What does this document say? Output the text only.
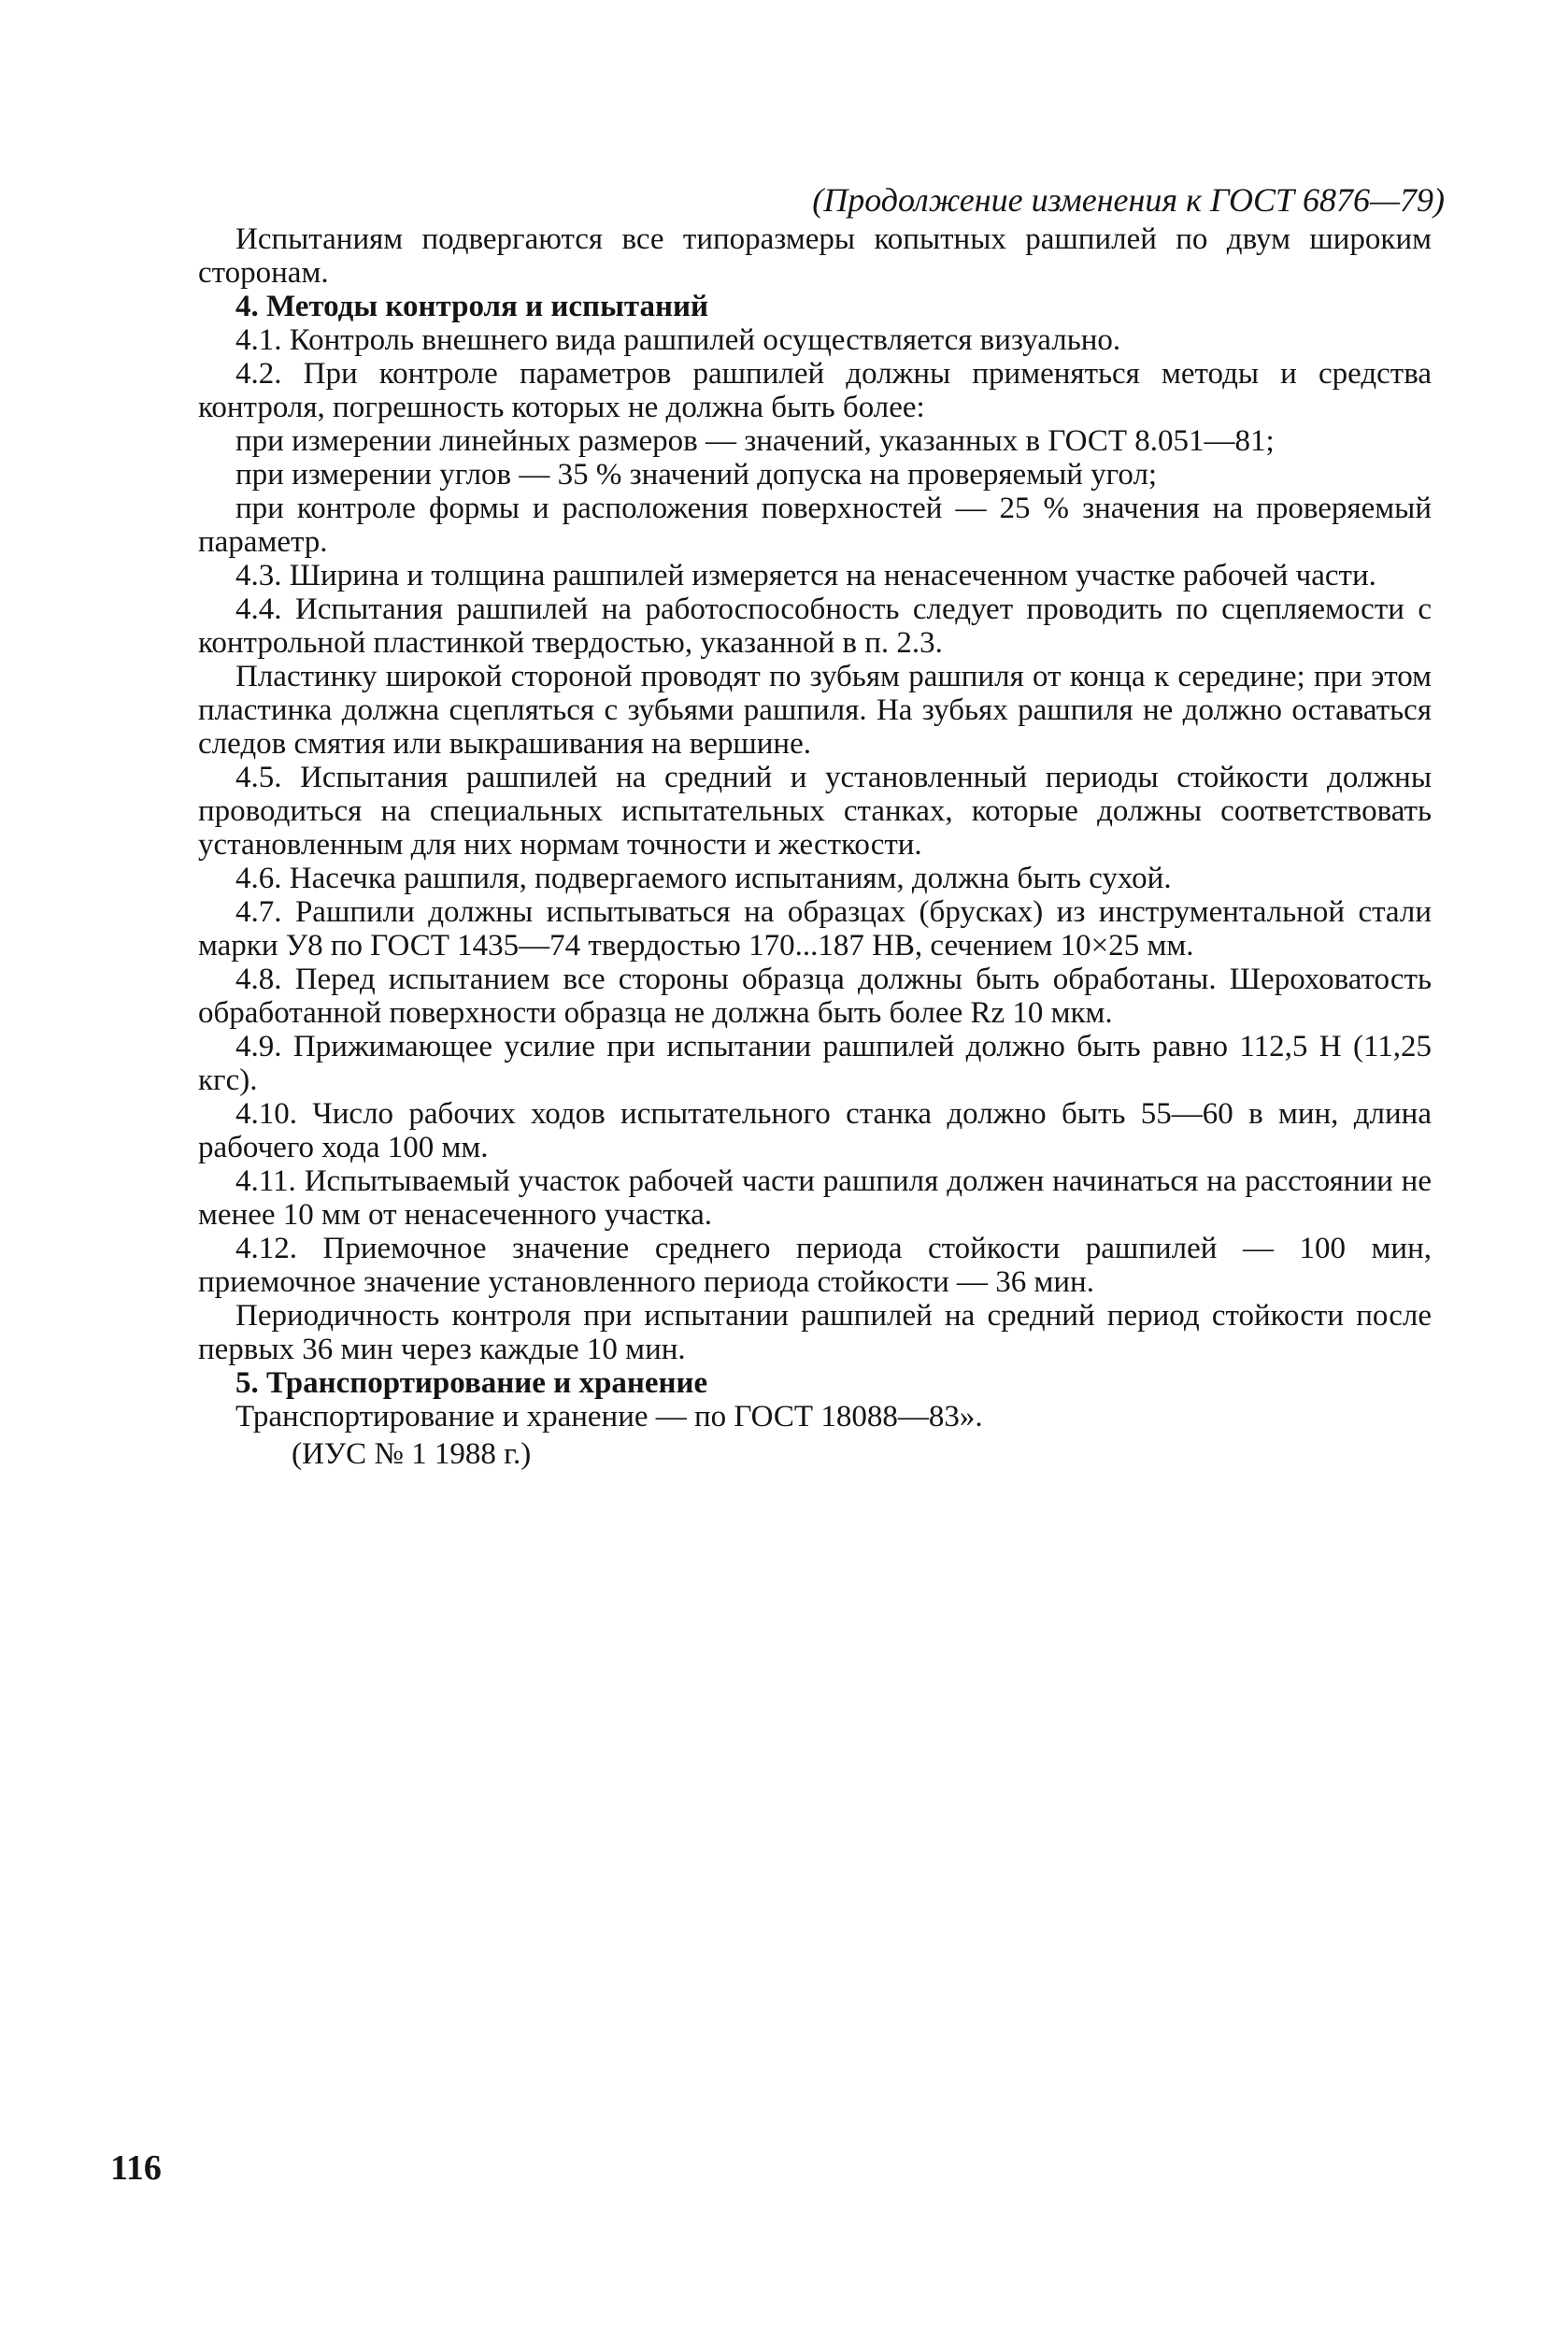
(Продолжение изменения к ГОСТ 6876—79)

Испытаниям подвергаются все типоразмеры копытных рашпилей по двум широким сторонам.

4. Методы контроля и испытаний

4.1. Контроль внешнего вида рашпилей осуществляется визуально.

4.2. При контроле параметров рашпилей должны применяться методы и средства контроля, погрешность которых не должна быть более:

при измерении линейных размеров — значений, указанных в ГОСТ 8.051—81;

при измерении углов — 35 % значений допуска на проверяемый угол;

при контроле формы и расположения поверхностей — 25 % значения на проверяемый параметр.

4.3. Ширина и толщина рашпилей измеряется на ненасеченном участке рабочей части.

4.4. Испытания рашпилей на работоспособность следует проводить по сцепляемости с контрольной пластинкой твердостью, указанной в п. 2.3.

Пластинку широкой стороной проводят по зубьям рашпиля от конца к середине; при этом пластинка должна сцепляться с зубьями рашпиля. На зубьях рашпиля не должно оставаться следов смятия или выкрашивания на вершине.

4.5. Испытания рашпилей на средний и установленный периоды стойкости должны проводиться на специальных испытательных станках, которые должны соответствовать установленным для них нормам точности и жесткости.

4.6. Насечка рашпиля, подвергаемого испытаниям, должна быть сухой.

4.7. Рашпили должны испытываться на образцах (брусках) из инструментальной стали марки У8 по ГОСТ 1435—74 твердостью 170...187 НВ, сечением 10×25 мм.

4.8. Перед испытанием все стороны образца должны быть обработаны. Шероховатость обработанной поверхности образца не должна быть более Rz 10 мкм.

4.9. Прижимающее усилие при испытании рашпилей должно быть равно 112,5 Н (11,25 кгс).

4.10. Число рабочих ходов испытательного станка должно быть 55—60 в мин, длина рабочего хода 100 мм.

4.11. Испытываемый участок рабочей части рашпиля должен начинаться на расстоянии не менее 10 мм от ненасеченного участка.

4.12. Приемочное значение среднего периода стойкости рашпилей — 100 мин, приемочное значение установленного периода стойкости — 36 мин.

Периодичность контроля при испытании рашпилей на средний период стойкости после первых 36 мин через каждые 10 мин.

5. Транспортирование и хранение

Транспортирование и хранение — по ГОСТ 18088—83».

(ИУС № 1 1988 г.)

116
